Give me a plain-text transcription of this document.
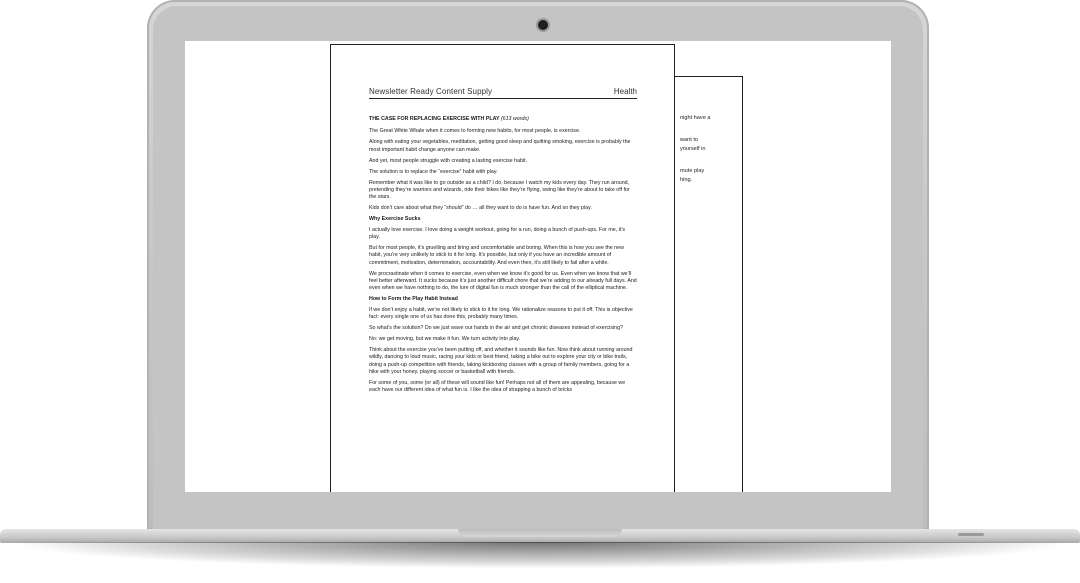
night have a
want to
yourself in
mute play
hing.
Newsletter Ready Content Supply	Health

THE CASE FOR REPLACING EXERCISE WITH PLAY (613 words)

The Great White Whale when it comes to forming new habits, for most people, is exercise.

Along with eating your vegetables, meditation, getting good sleep and quitting smoking, exercise is probably the most important habit change anyone can make.

And yet, most people struggle with creating a lasting exercise habit.

The solution is to replace the “exercise” habit with play.

Remember what it was like to go outside as a child? I do, because I watch my kids every day. They run around, pretending they’re warriors and wizards, ride their bikes like they’re flying, swing like they’re about to take off for the stars.

Kids don’t care about what they “should” do … all they want to do is have fun. And so they play.

Why Exercise Sucks

I actually love exercise. I love doing a weight workout, going for a run, doing a bunch of push-ups. For me, it’s play.

But for most people, it’s gruelling and tiring and uncomfortable and boring. When this is how you see the new habit, you’re very unlikely to stick to it for long. It’s possible, but only if you have an incredible amount of commitment, motivation, determination, accountability. And even then, it’s still likely to fail after a while.

We procrastinate when it comes to exercise, even when we know it’s good for us. Even when we know that we’ll feel better afterward. It sucks because it’s just another difficult chore that we’re adding to our already full days. And even when we have nothing to do, the lure of digital fun is much stronger than the call of the elliptical machine.

How to Form the Play Habit Instead

If we don’t enjoy a habit, we’re not likely to stick to it for long. We rationalize reasons to put it off. This is objective fact: every single one of us has done this, probably many times.

So what’s the solution? Do we just wave our hands in the air and get chronic diseases instead of exercising?

No: we get moving, but we make it fun. We turn activity into play.

Think about the exercise you’ve been putting off, and whether it sounds like fun. Now think about running around wildly, dancing to loud music, racing your kids or best friend, taking a bike out to explore your city or bike trails, doing a push-up competition with friends, taking kickboxing classes with a group of family members, going for a hike with your honey, playing soccer or basketball with friends.

For some of you, some (or all) of these will sound like fun! Perhaps not all of them are appealing, because we each have our different idea of what fun is. I like the idea of strapping a bunch of bricks
